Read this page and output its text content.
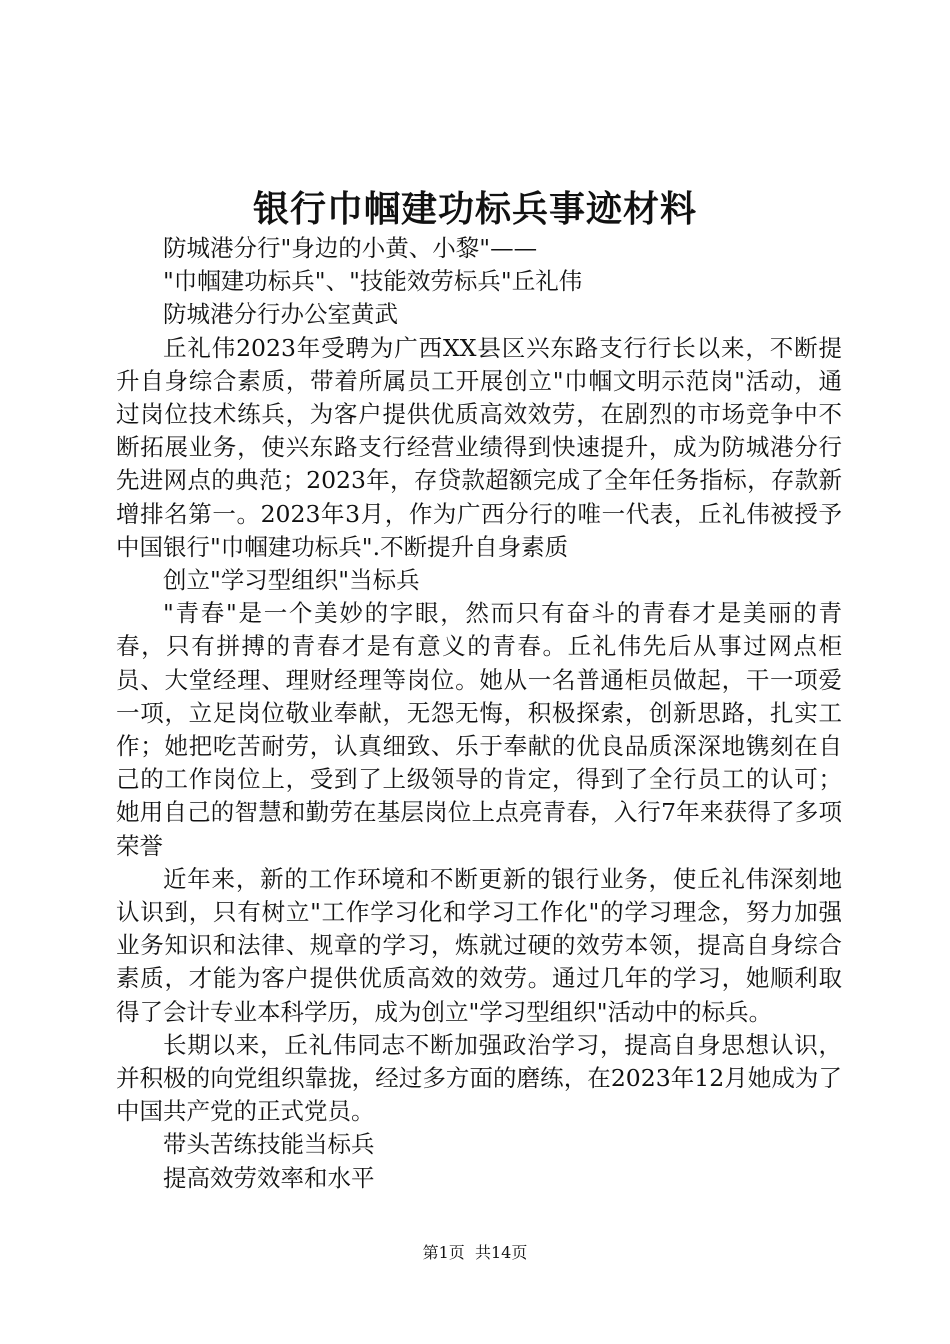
银行巾帼建功标兵事迹材料

防城港分行"身边的小黄、小黎"——

"巾帼建功标兵"、"技能效劳标兵"丘礼伟

防城港分行办公室黄武

丘礼伟2023年受聘为广西XX县区兴东路支行行长以来，不断提升自身综合素质，带着所属员工开展创立"巾帼文明示范岗"活动，通过岗位技术练兵，为客户提供优质高效效劳，在剧烈的市场竞争中不断拓展业务，使兴东路支行经营业绩得到快速提升，成为防城港分行先进网点的典范；2023年，存贷款超额完成了全年任务指标，存款新增排名第一。2023年3月，作为广西分行的唯一代表，丘礼伟被授予中国银行"巾帼建功标兵".不断提升自身素质

创立"学习型组织"当标兵

"青春"是一个美妙的字眼，然而只有奋斗的青春才是美丽的青春，只有拼搏的青春才是有意义的青春。丘礼伟先后从事过网点柜员、大堂经理、理财经理等岗位。她从一名普通柜员做起，干一项爱一项，立足岗位敬业奉献，无怨无悔，积极探索，创新思路，扎实工作；她把吃苦耐劳，认真细致、乐于奉献的优良品质深深地镌刻在自己的工作岗位上，受到了上级领导的肯定，得到了全行员工的认可；她用自己的智慧和勤劳在基层岗位上点亮青春，入行7年来获得了多项荣誉

近年来，新的工作环境和不断更新的银行业务，使丘礼伟深刻地认识到，只有树立"工作学习化和学习工作化"的学习理念，努力加强业务知识和法律、规章的学习，炼就过硬的效劳本领，提高自身综合素质，才能为客户提供优质高效的效劳。通过几年的学习，她顺利取得了会计专业本科学历，成为创立"学习型组织"活动中的标兵。

长期以来，丘礼伟同志不断加强政治学习，提高自身思想认识，并积极的向党组织靠拢，经过多方面的磨练，在2023年12月她成为了中国共产党的正式党员。

带头苦练技能当标兵

提高效劳效率和水平

第1页 共14页
